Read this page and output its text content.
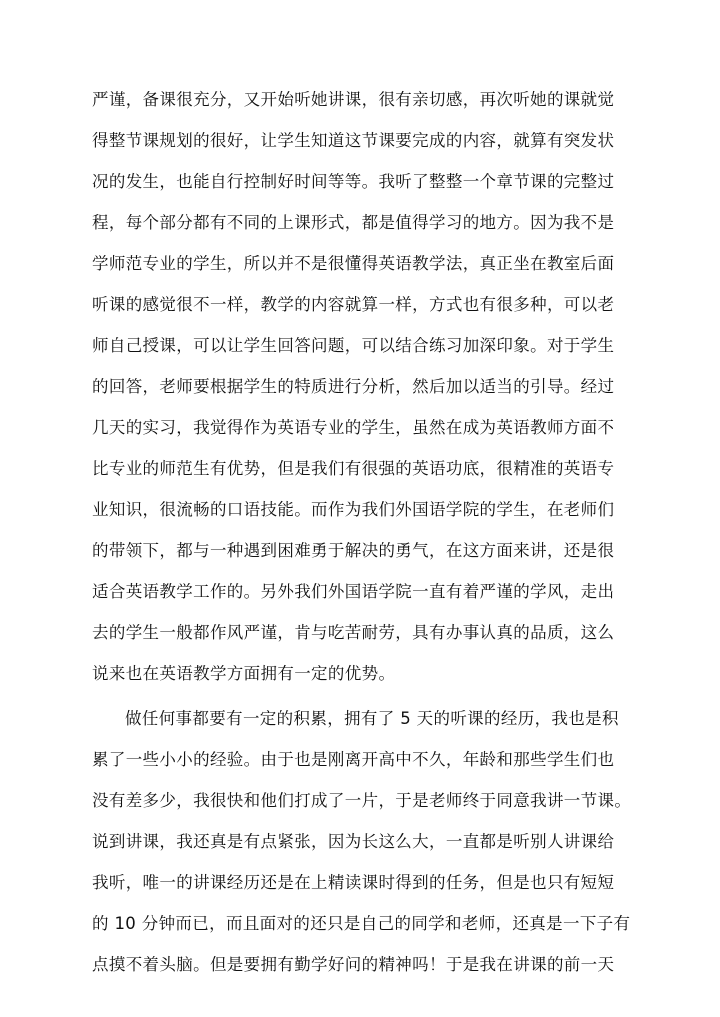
严谨，备课很充分，又开始听她讲课，很有亲切感，再次听她的课就觉
得整节课规划的很好，让学生知道这节课要完成的内容，就算有突发状
况的发生，也能自行控制好时间等等。我听了整整一个章节课的完整过
程，每个部分都有不同的上课形式，都是值得学习的地方。因为我不是
学师范专业的学生，所以并不是很懂得英语教学法，真正坐在教室后面
听课的感觉很不一样，教学的内容就算一样，方式也有很多种，可以老
师自己授课，可以让学生回答问题，可以结合练习加深印象。对于学生
的回答，老师要根据学生的特质进行分析，然后加以适当的引导。经过
几天的实习，我觉得作为英语专业的学生，虽然在成为英语教师方面不
比专业的师范生有优势，但是我们有很强的英语功底，很精准的英语专
业知识，很流畅的口语技能。而作为我们外国语学院的学生，在老师们
的带领下，都与一种遇到困难勇于解决的勇气，在这方面来讲，还是很
适合英语教学工作的。另外我们外国语学院一直有着严谨的学风，走出
去的学生一般都作风严谨，肯与吃苦耐劳，具有办事认真的品质，这么
说来也在英语教学方面拥有一定的优势。
做任何事都要有一定的积累，拥有了 5 天的听课的经历，我也是积
累了一些小小的经验。由于也是刚离开高中不久，年龄和那些学生们也
没有差多少，我很快和他们打成了一片，于是老师终于同意我讲一节课。
说到讲课，我还真是有点紧张，因为长这么大，一直都是听别人讲课给
我听，唯一的讲课经历还是在上精读课时得到的任务，但是也只有短短
的 10 分钟而已，而且面对的还只是自己的同学和老师，还真是一下子有
点摸不着头脑。但是要拥有勤学好问的精神吗！于是我在讲课的前一天
